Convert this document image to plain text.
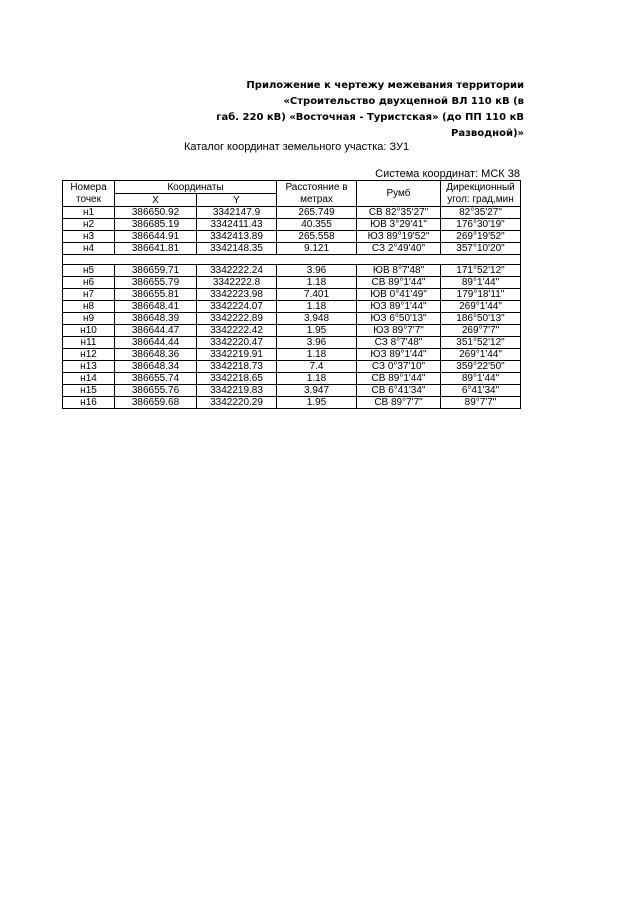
Приложение к чертежу межевания территории
«Строительство двухцепной ВЛ 110 кВ (в
габ. 220 кВ) «Восточная - Туристская» (до ПП 110 кВ
Разводной)»
Каталог координат земельного участка: ЗУ1
Система координат: МСК 38
Номера точек	Координаты		Расстояние в метрах	Румб	Дирекционный угол: град,мин
	X	Y			
н1	386650.92	3342147.9	265.749	СВ 82°35'27"	82°35'27"
н2	386685.19	3342411.43	40.355	ЮВ 3°29'41"	176°30'19"
н3	386644.91	3342413.89	265.558	ЮЗ 89°19'52"	269°19'52"
н4	386641.81	3342148.35	9.121	СЗ 2°49'40"	357°10'20"

н5	386659.71	3342222.24	3.96	ЮВ 8°7'48"	171°52'12"
н6	386655.79	3342222.8	1.18	СВ 89°1'44"	89°1'44"
н7	386655.81	3342223.98	7.401	ЮВ 0°41'49"	179°18'11"
н8	386648.41	3342224.07	1.18	ЮЗ 89°1'44"	269°1'44"
н9	386648.39	3342222.89	3.948	ЮЗ 6°50'13"	186°50'13"
н10	386644.47	3342222.42	1.95	ЮЗ 89°7'7"	269°7'7"
н11	386644.44	3342220.47	3.96	СЗ 8°7'48"	351°52'12"
н12	386648.36	3342219.91	1.18	ЮЗ 89°1'44"	269°1'44"
н13	386648.34	3342218.73	7.4	СЗ 0°37'10"	359°22'50"
н14	386655.74	3342218.65	1.18	СВ 89°1'44"	89°1'44"
н15	386655.76	3342219.83	3.947	СВ 6°41'34"	6°41'34"
н16	386659.68	3342220.29	1.95	СВ 89°7'7"	89°7'7"
